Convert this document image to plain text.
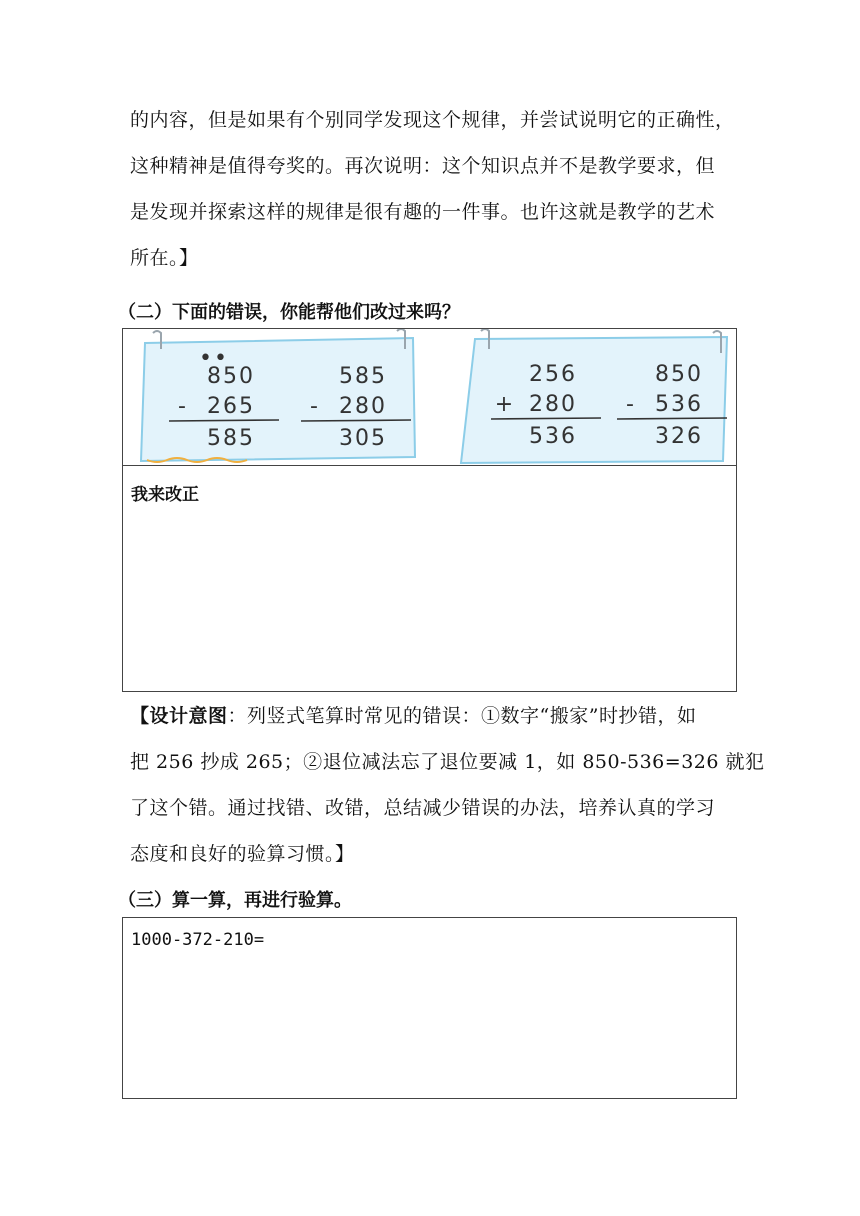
的内容，但是如果有个别同学发现这个规律，并尝试说明它的正确性，

这种精神是值得夸奖的。再次说明：这个知识点并不是教学要求，但

是发现并探索这样的规律是很有趣的一件事。也许这就是教学的艺术

所在。】

（二）下面的错误，你能帮他们改过来吗？
••
850
- 265
585
585
- 280
305
256
+ 280
536
850
- 536
326
我来改正

【设计意图：列竖式笔算时常见的错误：①数字“搬家”时抄错，如

把 256 抄成 265；②退位减法忘了退位要减 1，如 850-536=326 就犯

了这个错。通过找错、改错，总结减少错误的办法，培养认真的学习

态度和良好的验算习惯。】

（三）算一算，再进行验算。
1000-372-210=
